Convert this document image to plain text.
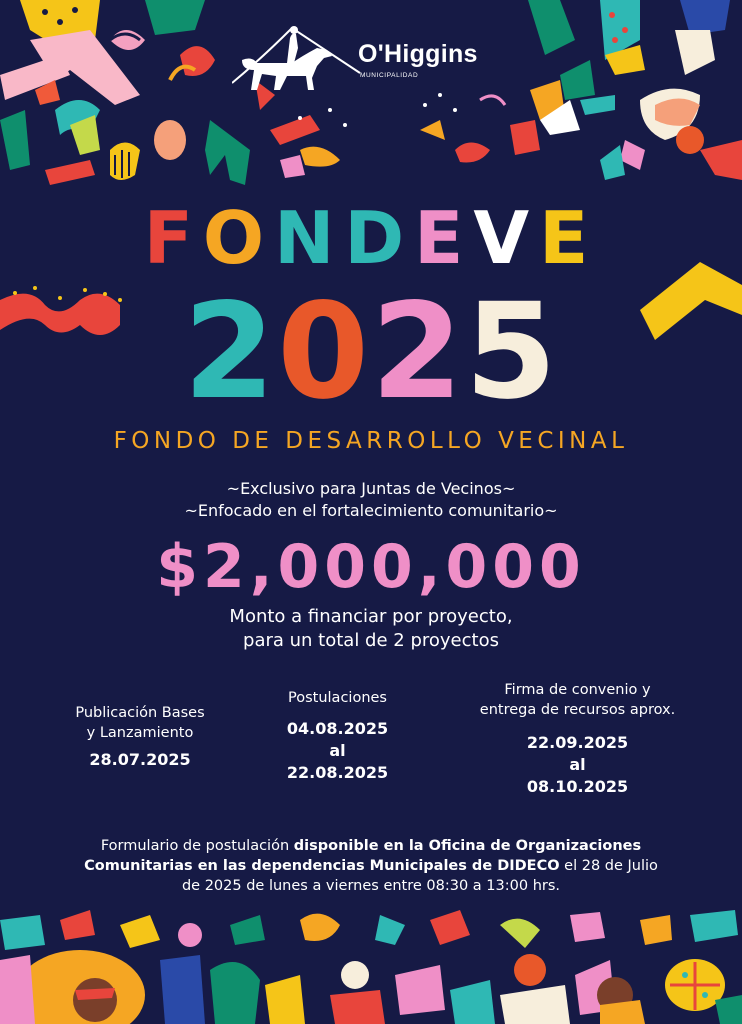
O'Higgins
MUNICIPALIDAD
FONDEVE
2025
FONDO DE DESARROLLO VECINAL
~Exclusivo para Juntas de Vecinos~
~Enfocado en el fortalecimiento comunitario~
$2,000,000
Monto a financiar por proyecto,
para un total de 2 proyectos
Publicación Bases
y Lanzamiento
28.07.2025
Postulaciones
04.08.2025
al
22.08.2025
Firma de convenio y
entrega de recursos aprox.
22.09.2025
al
08.10.2025
Formulario de postulación disponible en la Oficina de Organizaciones
Comunitarias en las dependencias Municipales de DIDECO el 28 de Julio
de 2025 de lunes a viernes entre 08:30 a 13:00 hrs.
